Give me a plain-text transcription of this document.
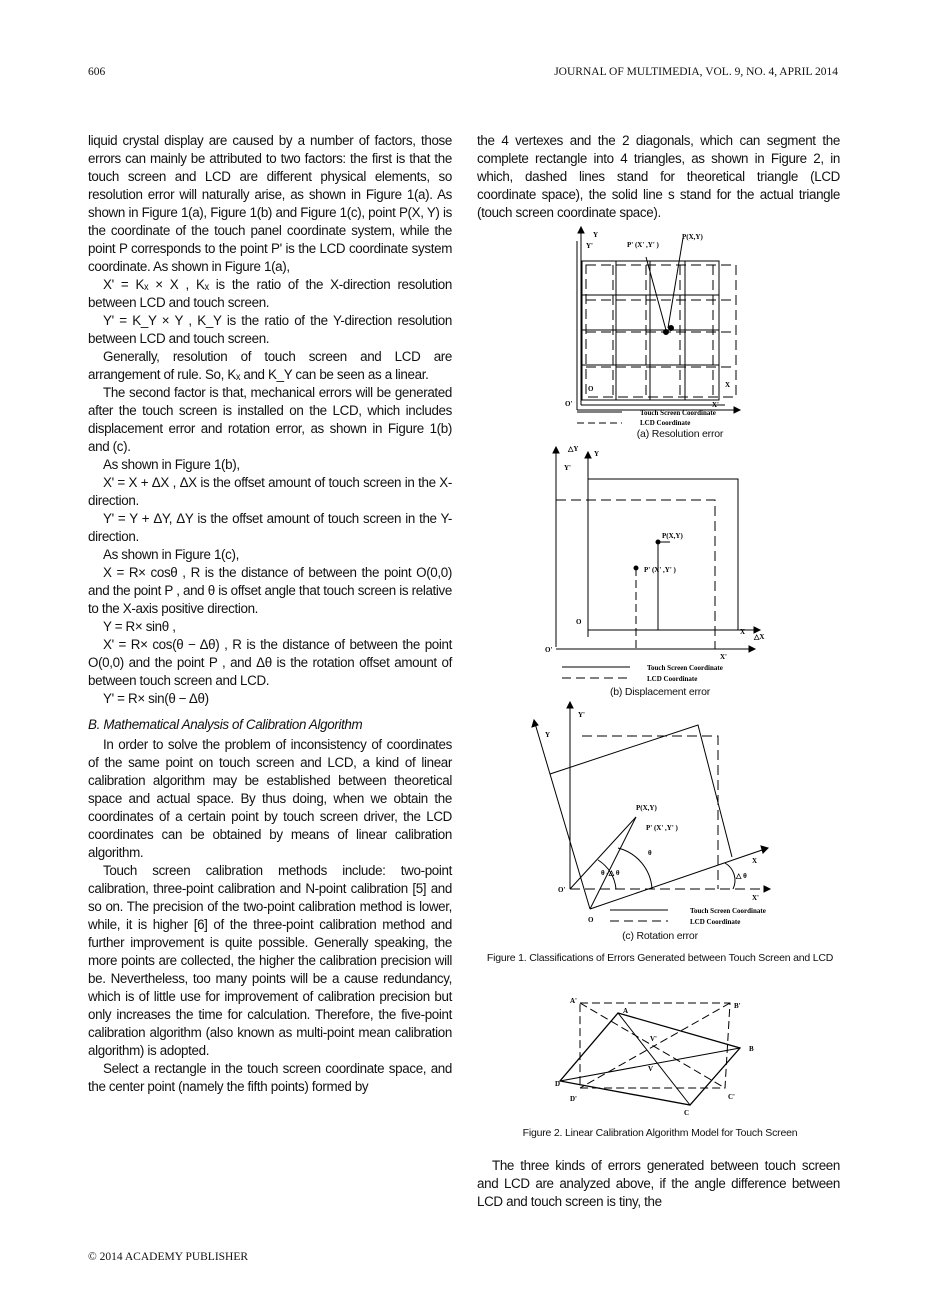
606	JOURNAL OF MULTIMEDIA, VOL. 9, NO. 4, APRIL 2014

liquid crystal display are caused by a number of factors, those errors can mainly be attributed to two factors: the first is that the touch screen and LCD are different physical elements, so resolution error will naturally arise, as shown in Figure 1(a). As shown in Figure 1(a), Figure 1(b) and Figure 1(c), point P(X, Y) is the coordinate of the touch panel coordinate system, while the point P corresponds to the point P' is the LCD coordinate system coordinate. As shown in Figure 1(a),

X' = Kₓ × X , Kₓ is the ratio of the X-direction resolution between LCD and touch screen.

Y' = K_Y × Y , K_Y is the ratio of the Y-direction resolution between LCD and touch screen.

Generally, resolution of touch screen and LCD are arrangement of rule. So, Kₓ and K_Y can be seen as a linear.

The second factor is that, mechanical errors will be generated after the touch screen is installed on the LCD, which includes displacement error and rotation error, as shown in Figure 1(b) and (c).

As shown in Figure 1(b),

X' = X + ΔX , ΔX is the offset amount of touch screen in the X-direction.

Y' = Y + ΔY, ΔY is the offset amount of touch screen in the Y-direction.

As shown in Figure 1(c),

X = R× cosθ , R is the distance of between the point O(0,0) and the point P , and θ is offset angle that touch screen is relative to the X-axis positive direction.

Y = R× sinθ ,

X' = R× cos(θ − Δθ) , R is the distance of between the point O(0,0) and the point P , and Δθ is the rotation offset amount of between touch screen and LCD.

Y' = R× sin(θ − Δθ)

B. Mathematical Analysis of Calibration Algorithm

In order to solve the problem of inconsistency of coordinates of the same point on touch screen and LCD, a kind of linear calibration algorithm may be established between theoretical space and actual space. By thus doing, when we obtain the coordinates of a certain point by touch screen driver, the LCD coordinates can be obtained by means of linear calibration algorithm.

Touch screen calibration methods include: two-point calibration, three-point calibration and N-point calibration [5] and so on. The precision of the two-point calibration method is lower, while, it is higher [6] of the three-point calibration method and further improvement is quite possible. Generally speaking, the more points are collected, the higher the calibration precision will be. Nevertheless, too many points will be a cause redundancy, which is of little use for improvement of calibration precision but only increases the time for calculation. Therefore, the five-point calibration algorithm (also known as multi-point mean calibration algorithm) is adopted.

Select a rectangle in the touch screen coordinate space, and the center point (namely the fifth points) formed by

the 4 vertexes and the 2 diagonals, which can segment the complete rectangle into 4 triangles, as shown in Figure 2, in which, dashed lines stand for theoretical triangle (LCD coordinate space), the solid line s stand for the actual triangle (touch screen coordinate space).

Y
Y'	P' (X' ,Y' )
P(X,Y)
O
O'
X
X'
Touch Screen Coordinate
LCD Coordinate
(a) Resolution error
△Y
Y
Y'
P(X,Y)
P' (X' ,Y' )
O
O'
X
△X
X'
Touch Screen Coordinate
LCD Coordinate
(b) Displacement error
P(X,Y)
P' (X' ,Y' )
Y'
Y
θ
θ -△ θ	△ θ
X
X'
O'
O
Touch Screen Coordinate
LCD Coordinate
(c) Rotation error
Figure 1. Classifications of Errors Generated between Touch Screen and LCD
A'
A
B'
B
C'
C
D
D'
V'
V
Figure 2. Linear Calibration Algorithm Model for Touch Screen

The three kinds of errors generated between touch screen and LCD are analyzed above, if the angle difference between LCD and touch screen is tiny, the

© 2014 ACADEMY PUBLISHER
